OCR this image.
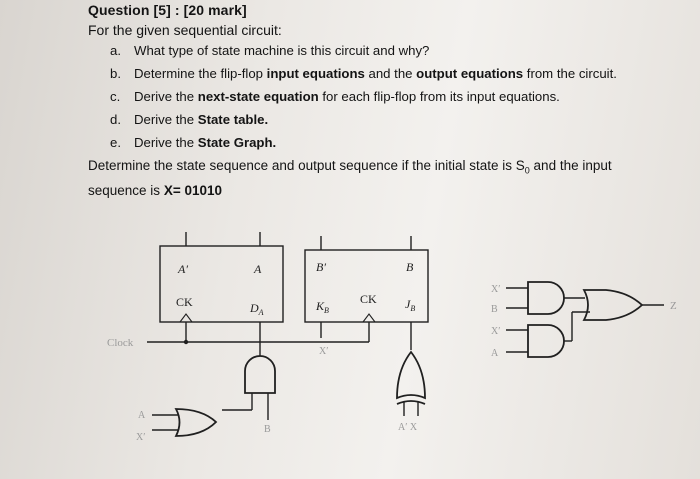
Question [5] : [20 mark]
For the given sequential circuit:
a. What type of state machine is this circuit and why?
b. Determine the flip-flop input equations and the output equations from the circuit.
c. Derive the next-state equation for each flip-flop from its input equations.
d. Derive the State table.
e. Derive the State Graph.
Determine the state sequence and output sequence if the initial state is $S_0$ and the input
sequence is X= 01010
A′	A
CK	$D_A$
B′	B
$K_B$
CK $J_B$
Clock
B
A
X′
X′
A′ X
X′
B
X′
A
Z
